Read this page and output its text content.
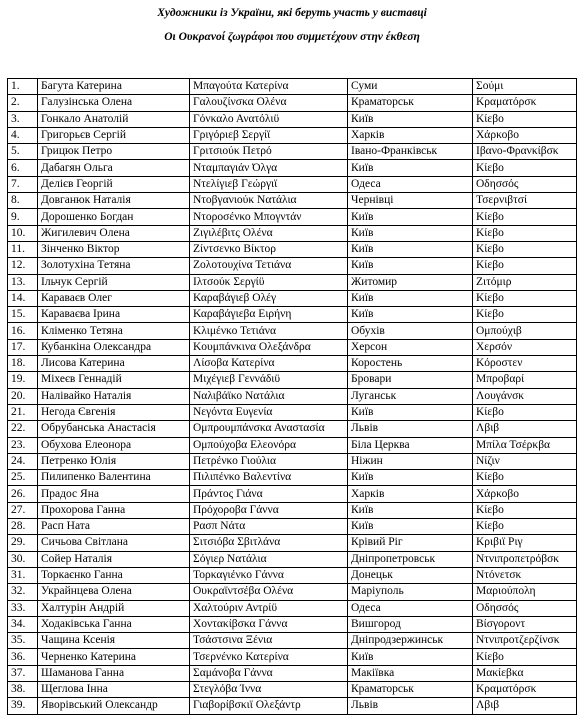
Художники із України, які беруть участь у виставці
Οι Ουκρανοί ζωγράφοι που συμμετέχουν στην έκθεση
1.	Багута Катерина	Μπαγούτα Κατερίνα	Суми	Σούμι
2.	Галузінська Олена	Γαλουζίνσκα Ολένα	Краматорськ	Κραματόρσκ
3.	Гонкало Анатолій	Γόνκαλο Ανατόλιϋ	Київ	Κίεβο
4.	Григорьєв Сергій	Γριγόριεβ Σεργίϊ	Харків	Χάρκοβο
5.	Грицюк Петро	Γριτσιούκ Πετρό	Івано-Франківськ	Ιβανο-Φρανκίβσκ
6.	Дабагян Ольга	Νταμπαγιάν Όλγα	Київ	Κίεβο
7.	Делієв Георгій	Ντελίγιεβ Γεώργιϊ	Одеса	Οδησσός
8.	Довганюк Наталія	Ντοβγανιούκ Νατάλια	Чернівці	Τσερνιβτσί
9.	Дорошенко Богдан	Ντοροσένκο Μπογντάν	Київ	Κίεβο
10.	Жигилевич Олена	Ζιγιλέβιτς Ολένα	Київ	Κίεβο
11.	Зінченко Віктор	Ζίντσενκο Βίκτορ	Київ	Κίεβο
12.	Золотухіна Тетяна	Ζολοτουχίνα Τετιάνα	Київ	Κίεβο
13.	Ільчук Сергій	Ιλτσούκ Σεργίϋ	Житомир	Ζιτόμιρ
14.	Караваєв Олег	Καραβάγιεβ Ολέγ	Київ	Κίεβο
15.	Караваєва Ірина	Καραβάγιεβα Ειρήνη	Київ	Κίεβο
16.	Кліменко Тетяна	Κλιμένκο Τετιάνα	Обухів	Ομπούχιβ
17.	Кубанкіна Олександра	Κουμπάνκινα Ολεξάνδρα	Херсон	Χερσόν
18.	Лисова Катерина	Λίσοβα Κατερίνα	Коростень	Κόροστεν
19.	Міхеєв Геннадій	Μιχέγιεβ Γεννάδιϋ	Бровари	Μπροβαρί
20.	Налівайко Наталія	Ναλιβάϊκο Νατάλια	Луганськ	Λουγάνσκ
21.	Негода Євгенія	Νεγόντα Ευγενία	Київ	Κίεβο
22.	Обрубанська Анастасія	Ομπρουμπάνσκα Αναστασία	Львів	Λβιβ
23.	Обухова Елеонора	Ομπούχοβα Ελεονόρα	Біла Церква	Μπίλα Τσέρκβα
24.	Петренко Юлія	Πετρένκο Γιούλια	Ніжин	Νίζιν
25.	Пилипенко Валентина	Πιλιπένκο Βαλεντίνα	Київ	Κίεβο
26.	Прадос Яна	Πράντος Γιάνα	Харків	Χάρκοβο
27.	Прохорова Ганна	Πρόχοροβα Γάννα	Київ	Κίεβο
28.	Расп Ната	Ρασπ Νάτα	Київ	Κίεβο
29.	Сичьова Світлана	Σιτσιόβα Σβιτλάνα	Крівий Ріг	Κριβιϊ Ριγ
30.	Сойер Наталія	Σόγιερ Νατάλια	Дніпропетровськ	Ντνιπροπετρόβσκ
31.	Торкаєнко Ганна	Τορκαγιένκο Γάννα	Донецьк	Ντόνετσκ
32.	Украйнцева Олена	Ουκραϊντσέβα Ολένα	Маріуполь	Μαριούπολη
33.	Халтурін Андрій	Χαλτούριν Αντρίϋ	Одеса	Οδησσός
34.	Ходакiвська Ганна	Χοντακίβσκα Γάννα	Вишгород	Βίσγοροντ
35.	Чащина Ксенія	Τσάστσινα Ξένια	Дніпродзержинськ	Ντνιπροτζερζίνσκ
36.	Черненко Катерина	Τσερνένκο Κατερίνα	Київ	Κίεβο
37.	Шаманова Ганна	Σαμάνοβα Γάννα	Макіївка	Μακίεβκα
38.	Щеглова Інна	Στεγλόβα Ίννα	Краматорськ	Κραματόρσκ
39.	Яворівський Олександр	Γιαβορίβσκιϊ Ολεξάντρ	Львів	Λβιβ
